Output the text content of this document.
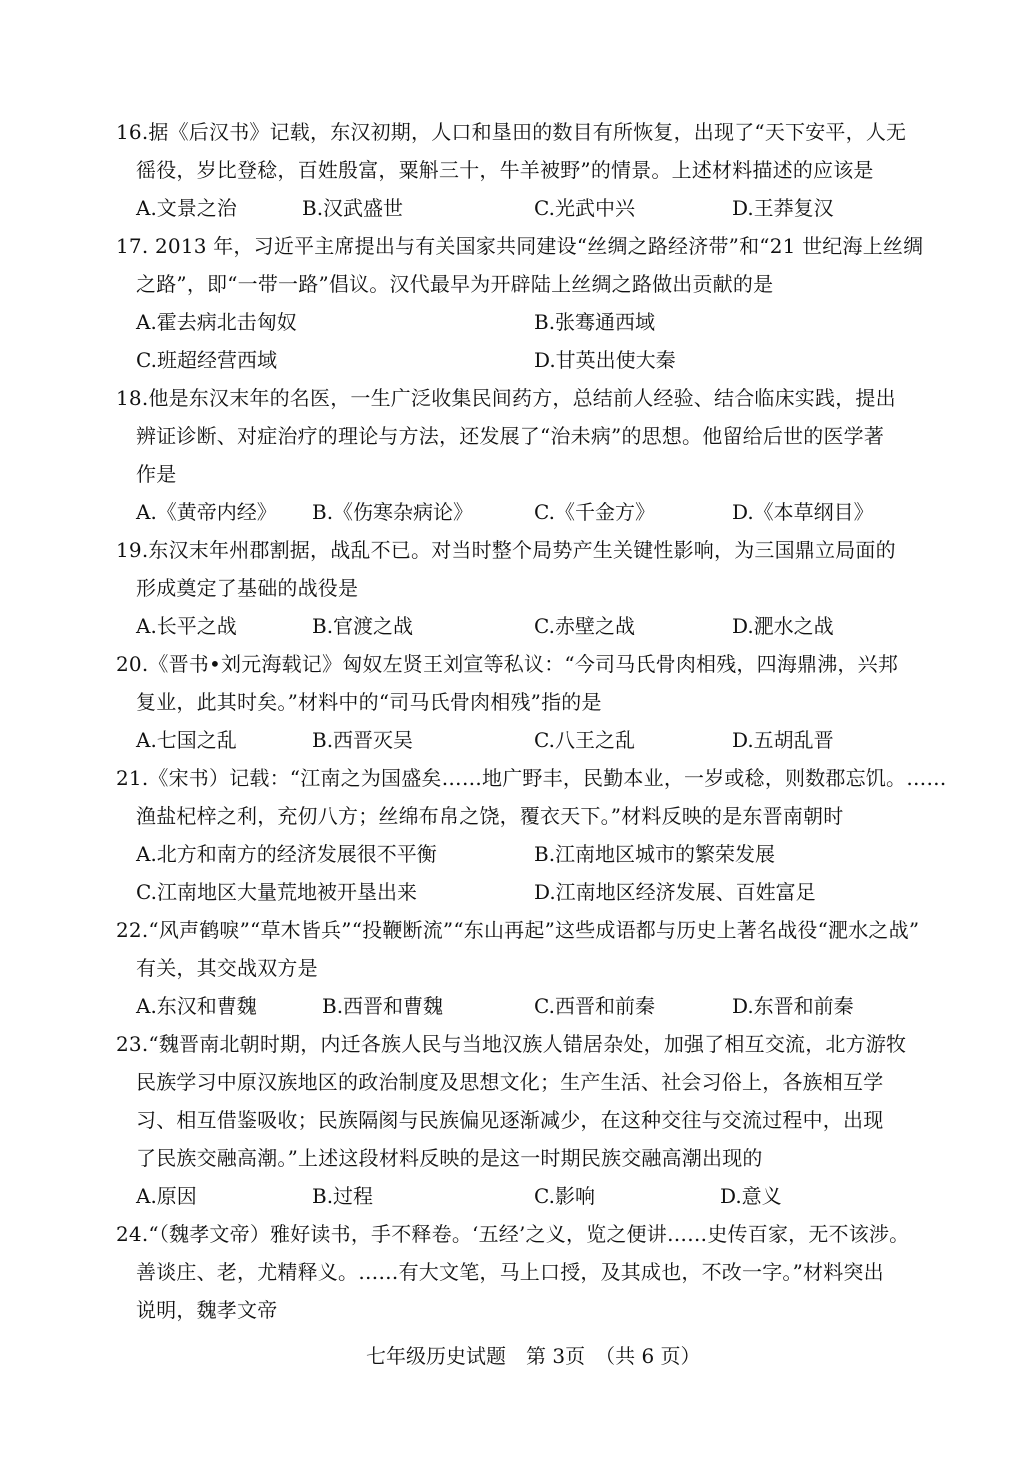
16.据《后汉书》记载，东汉初期，人口和垦田的数目有所恢复，出现了“天下安平，人无
徭役，岁比登稔，百姓殷富，粟斛三十，牛羊被野”的情景。上述材料描述的应该是
A.文景之治	B.汉武盛世	C.光武中兴	D.王莽复汉
17. 2013 年，习近平主席提出与有关国家共同建设“丝绸之路经济带”和“21 世纪海上丝绸
之路”，即“一带一路”倡议。汉代最早为开辟陆上丝绸之路做出贡献的是
A.霍去病北击匈奴	B.张骞通西域
C.班超经营西域	D.甘英出使大秦
18.他是东汉末年的名医，一生广泛收集民间药方，总结前人经验、结合临床实践，提出
辨证诊断、对症治疗的理论与方法，还发展了“治未病”的思想。他留给后世的医学著
作是
A.《黄帝内经》 B.《伤寒杂病论》	C.《千金方》	D.《本草纲目》
19.东汉末年州郡割据，战乱不已。对当时整个局势产生关键性影响，为三国鼎立局面的
形成奠定了基础的战役是
A.长平之战	B.官渡之战	C.赤壁之战	D.淝水之战
20.《晋书•刘元海载记》匈奴左贤王刘宣等私议：“今司马氏骨肉相残，四海鼎沸，兴邦
复业，此其时矣。”材料中的“司马氏骨肉相残”指的是
A.七国之乱	B.西晋灭吴	C.八王之乱	D.五胡乱晋
21.《宋书）记载：“江南之为国盛矣……地广野丰，民勤本业，一岁或稔，则数郡忘饥。……
渔盐杞梓之利，充仞八方；丝绵布帛之饶，覆衣天下。”材料反映的是东晋南朝时
A.北方和南方的经济发展很不平衡	B.江南地区城市的繁荣发展
C.江南地区大量荒地被开垦出来	D.江南地区经济发展、百姓富足
22.“风声鹤唳”“草木皆兵”“投鞭断流”“东山再起”这些成语都与历史上著名战役“淝水之战”
有关，其交战双方是
A.东汉和曹魏	B.西晋和曹魏	C.西晋和前秦	D.东晋和前秦
23.“魏晋南北朝时期，内迁各族人民与当地汉族人错居杂处，加强了相互交流，北方游牧
民族学习中原汉族地区的政治制度及思想文化；生产生活、社会习俗上，各族相互学
习、相互借鉴吸收；民族隔阂与民族偏见逐渐减少，在这种交往与交流过程中，出现
了民族交融高潮。”上述这段材料反映的是这一时期民族交融高潮出现的
A.原因	B.过程	C.影响	D.意义
24.“（魏孝文帝）雅好读书，手不释卷。‘五经’之义，览之便讲……史传百家，无不该涉。
善谈庄、老，尤精释义。……有大文笔，马上口授，及其成也，不改一字。”材料突出
说明，魏孝文帝
七年级历史试题　第 3页　（共 6 页）
